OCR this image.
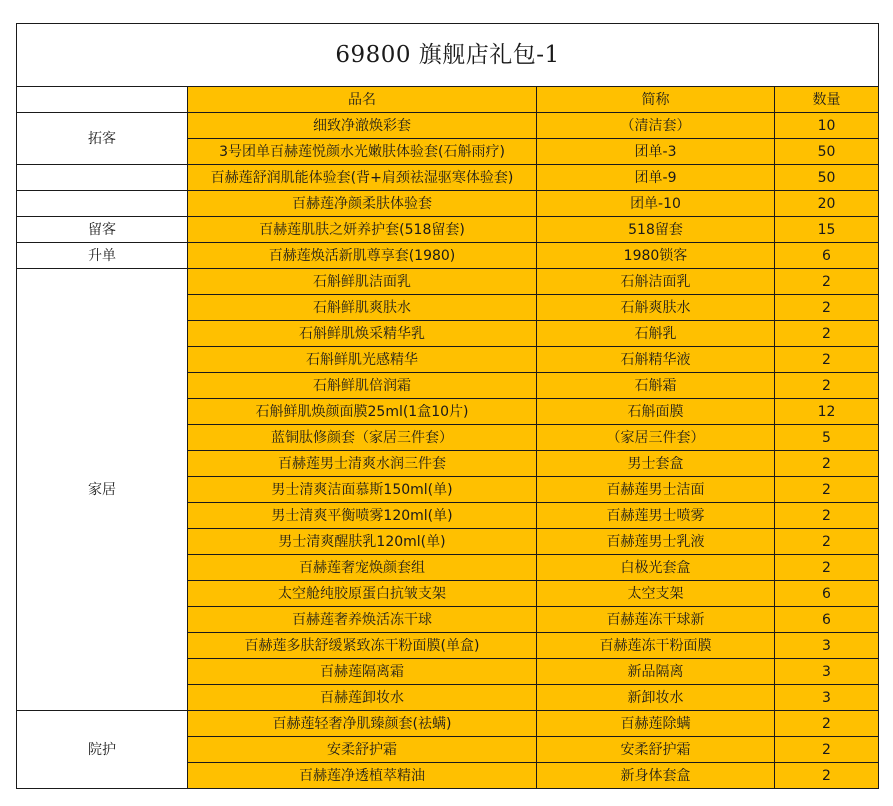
69800 旗舰店礼包-1			
	品名	简称	数量
拓客	细致净澈焕彩套	（清洁套）	10
	3号团单百赫莲悦颜水光嫩肤体验套(石斛雨疗)	团单-3	50
	百赫莲舒润肌能体验套(背+肩颈祛湿驱寒体验套)	团单-9	50
	百赫莲净颜柔肤体验套	团单-10	20
留客	百赫莲肌肤之妍养护套(518留套)	518留套	15
升单	百赫莲焕活新肌尊享套(1980)	1980锁客	6
家居	石斛鲜肌洁面乳	石斛洁面乳	2
	石斛鲜肌爽肤水	石斛爽肤水	2
	石斛鲜肌焕采精华乳	石斛乳	2
	石斛鲜肌光感精华	石斛精华液	2
	石斛鲜肌倍润霜	石斛霜	2
	石斛鲜肌焕颜面膜25ml(1盒10片)	石斛面膜	12
	蓝铜肽修颜套（家居三件套）	（家居三件套）	5
	百赫莲男士清爽水润三件套	男士套盒	2
	男士清爽洁面慕斯150ml(单)	百赫莲男士洁面	2
	男士清爽平衡喷雾120ml(单)	百赫莲男士喷雾	2
	男士清爽醒肤乳120ml(单)	百赫莲男士乳液	2
	百赫莲奢宠焕颜套组	白极光套盒	2
	太空舱纯胶原蛋白抗皱支架	太空支架	6
	百赫莲奢养焕活冻干球	百赫莲冻干球新	6
	百赫莲多肤舒缓紧致冻干粉面膜(单盒)	百赫莲冻干粉面膜	3
	百赫莲隔离霜	新品隔离	3
	百赫莲卸妆水	新卸妆水	3
院护	百赫莲轻奢净肌臻颜套(祛螨)	百赫莲除螨	2
	安柔舒护霜	安柔舒护霜	2
	百赫莲净透植萃精油	新身体套盒	2
